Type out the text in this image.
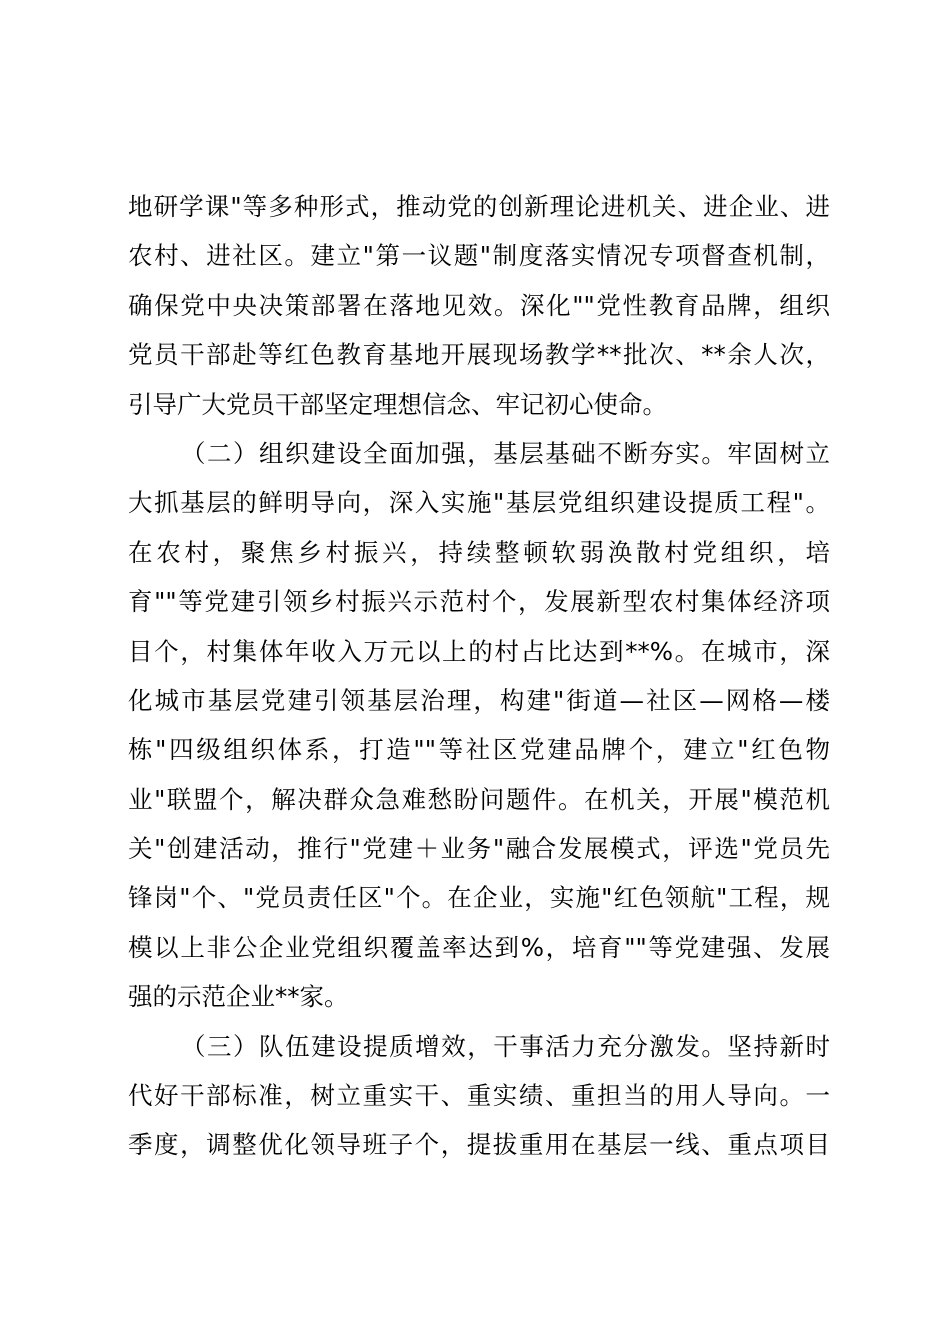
地研学课"等多种形式，推动党的创新理论进机关、进企业、进
农村、进社区。建立"第一议题"制度落实情况专项督查机制，
确保党中央决策部署在落地见效。深化""党性教育品牌，组织
党员干部赴等红色教育基地开展现场教学**批次、**余人次，
引导广大党员干部坚定理想信念、牢记初心使命。
（二）组织建设全面加强，基层基础不断夯实。牢固树立
大抓基层的鲜明导向，深入实施"基层党组织建设提质工程"。
在农村，聚焦乡村振兴，持续整顿软弱涣散村党组织，培
育""等党建引领乡村振兴示范村个，发展新型农村集体经济项
目个，村集体年收入万元以上的村占比达到**%。在城市，深
化城市基层党建引领基层治理，构建"街道—社区—网格—楼
栋"四级组织体系，打造""等社区党建品牌个，建立"红色物
业"联盟个，解决群众急难愁盼问题件。在机关，开展"模范机
关"创建活动，推行"党建＋业务"融合发展模式，评选"党员先
锋岗"个、"党员责任区"个。在企业，实施"红色领航"工程，规
模以上非公企业党组织覆盖率达到%，培育""等党建强、发展
强的示范企业**家。
（三）队伍建设提质增效，干事活力充分激发。坚持新时
代好干部标准，树立重实干、重实绩、重担当的用人导向。一
季度，调整优化领导班子个，提拔重用在基层一线、重点项目
